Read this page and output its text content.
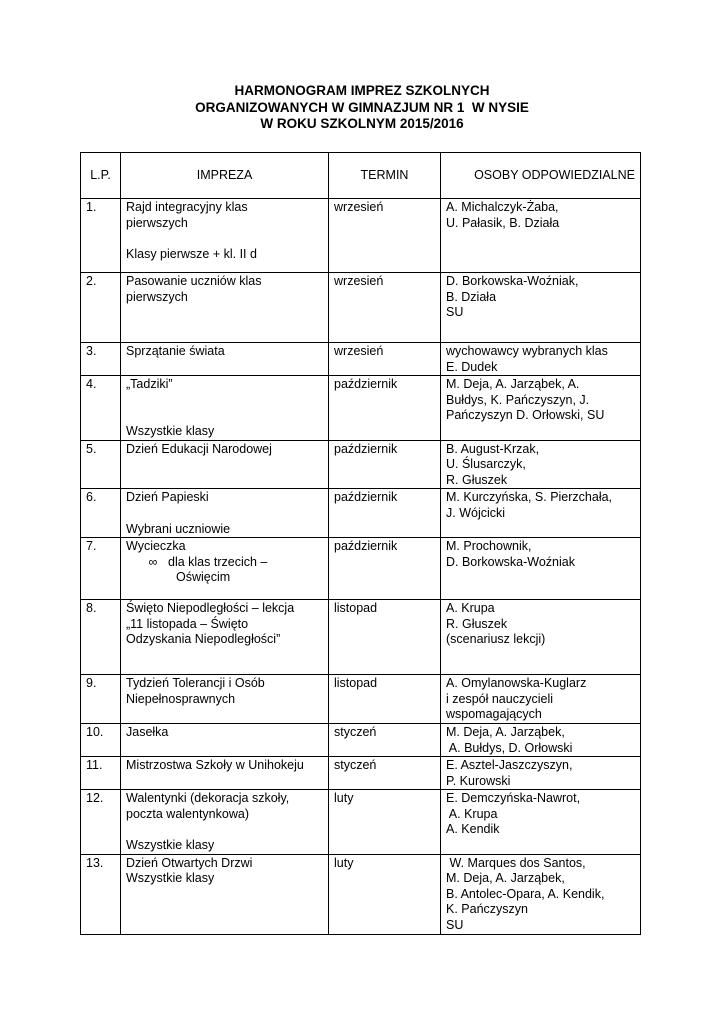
HARMONOGRAM IMPREZ SZKOLNYCH
ORGANIZOWANYCH W GIMNAZJUM NR 1  W NYSIE
W ROKU SZKOLNYM 2015/2016
L.P.	IMPREZA	TERMIN	OSOBY ODPOWIEDZIALNE
1.	Rajd integracyjny klas
pierwszych
Klasy pierwsze + kl. II d	wrzesień	A. Michalczyk-Żaba,
U. Pałasik, B. Działa

2.	Pasowanie uczniów klas
pierwszych	wrzesień	D. Borkowska-Woźniak,
B. Działa
SU

3.	Sprzątanie świata	wrzesień	wychowawcy wybranych klas
E. Dudek

4.	„Tadziki”
Wszystkie klasy	październik	M. Deja, A. Jarząbek, A.
Bułdys, K. Pańczyszyn, J.
Pańczyszyn D. Orłowski, SU

5.	Dzień Edukacji Narodowej	październik	B. August-Krzak,
U. Ślusarczyk,
R. Głuszek

6.	Dzień Papieski
Wybrani uczniowie	październik	M. Kurczyńska, S. Pierzchała,
J. Wójcicki

7.	Wycieczka
∞ dla klas trzecich –
Oświęcim	październik	M. Prochownik,
D. Borkowska-Woźniak

8.	Święto Niepodległości – lekcja
„11 listopada – Święto
Odzyskania Niepodległości”	listopad	A. Krupa
R. Głuszek
(scenariusz lekcji)

9.	Tydzień Tolerancji i Osób
Niepełnosprawnych	listopad	A. Omylanowska-Kuglarz
i zespół nauczycieli
wspomagających

10.	Jasełka	styczeń	M. Deja, A. Jarząbek,
A. Bułdys, D. Orłowski

11.	Mistrzostwa Szkoły w Unihokeju	styczeń	E. Asztel-Jaszczyszyn,
P. Kurowski

12.	Walentynki (dekoracja szkoły,
poczta walentynkowa)
Wszystkie klasy	luty	E. Demczyńska-Nawrot,
A. Krupa
A. Kendik

13.	Dzień Otwartych Drzwi
Wszystkie klasy	luty	W. Marques dos Santos,
M. Deja, A. Jarząbek,
B. Antolec-Opara, A. Kendik,
K. Pańczyszyn
SU
